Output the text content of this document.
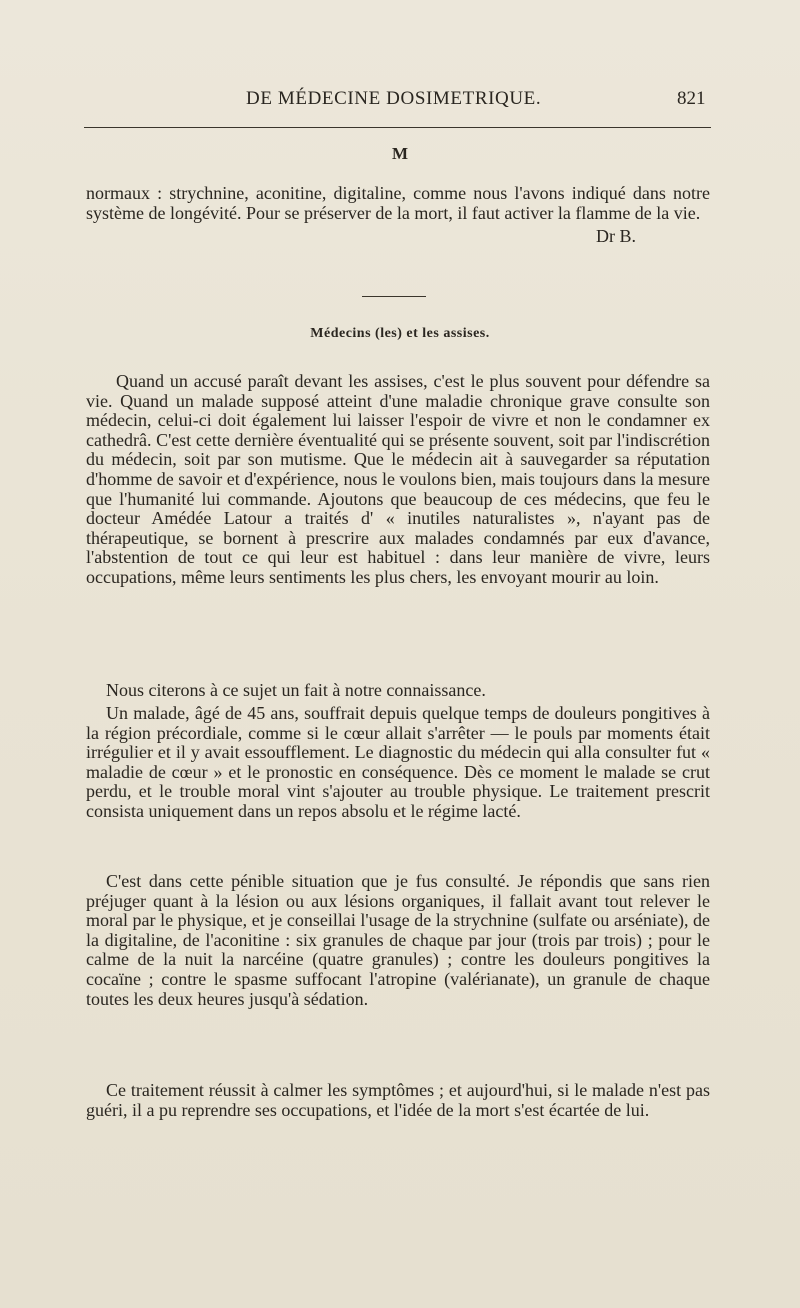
DE MÉDECINE DOSIMETRIQUE.	821
M

normaux : strychnine, aconitine, digitaline, comme nous l'avons indiqué dans notre système de longévité. Pour se préserver de la mort, il faut activer la flamme de la vie.

Dr B.
Médecins (les) et les assises.

Quand un accusé paraît devant les assises, c'est le plus souvent pour défendre sa vie. Quand un malade supposé atteint d'une maladie chronique grave consulte son médecin, celui-ci doit également lui laisser l'espoir de vivre et non le condamner ex cathedrâ. C'est cette dernière éventualité qui se présente souvent, soit par l'indiscrétion du médecin, soit par son mutisme. Que le médecin ait à sauvegarder sa réputation d'homme de savoir et d'expérience, nous le voulons bien, mais toujours dans la mesure que l'humanité lui commande. Ajoutons que beaucoup de ces médecins, que feu le docteur Amédée Latour a traités d' « inutiles naturalistes », n'ayant pas de thérapeutique, se bornent à prescrire aux malades condamnés par eux d'avance, l'abstention de tout ce qui leur est habituel : dans leur manière de vivre, leurs occupations, même leurs sentiments les plus chers, les envoyant mourir au loin.

Nous citerons à ce sujet un fait à notre connaissance.

Un malade, âgé de 45 ans, souffrait depuis quelque temps de douleurs pongitives à la région précordiale, comme si le cœur allait s'arrêter — le pouls par moments était irrégulier et il y avait essoufflement. Le diagnostic du médecin qui alla consulter fut « maladie de cœur » et le pronostic en conséquence. Dès ce moment le malade se crut perdu, et le trouble moral vint s'ajouter au trouble physique. Le traitement prescrit consista uniquement dans un repos absolu et le régime lacté.

C'est dans cette pénible situation que je fus consulté. Je répondis que sans rien préjuger quant à la lésion ou aux lésions organiques, il fallait avant tout relever le moral par le physique, et je conseillai l'usage de la strychnine (sulfate ou arséniate), de la digitaline, de l'aconitine : six granules de chaque par jour (trois par trois) ; pour le calme de la nuit la narcéine (quatre granules) ; contre les douleurs pongitives la cocaïne ; contre le spasme suffocant l'atropine (valérianate), un granule de chaque toutes les deux heures jusqu'à sédation.

Ce traitement réussit à calmer les symptômes ; et aujourd'hui, si le malade n'est pas guéri, il a pu reprendre ses occupations, et l'idée de la mort s'est écartée de lui.
